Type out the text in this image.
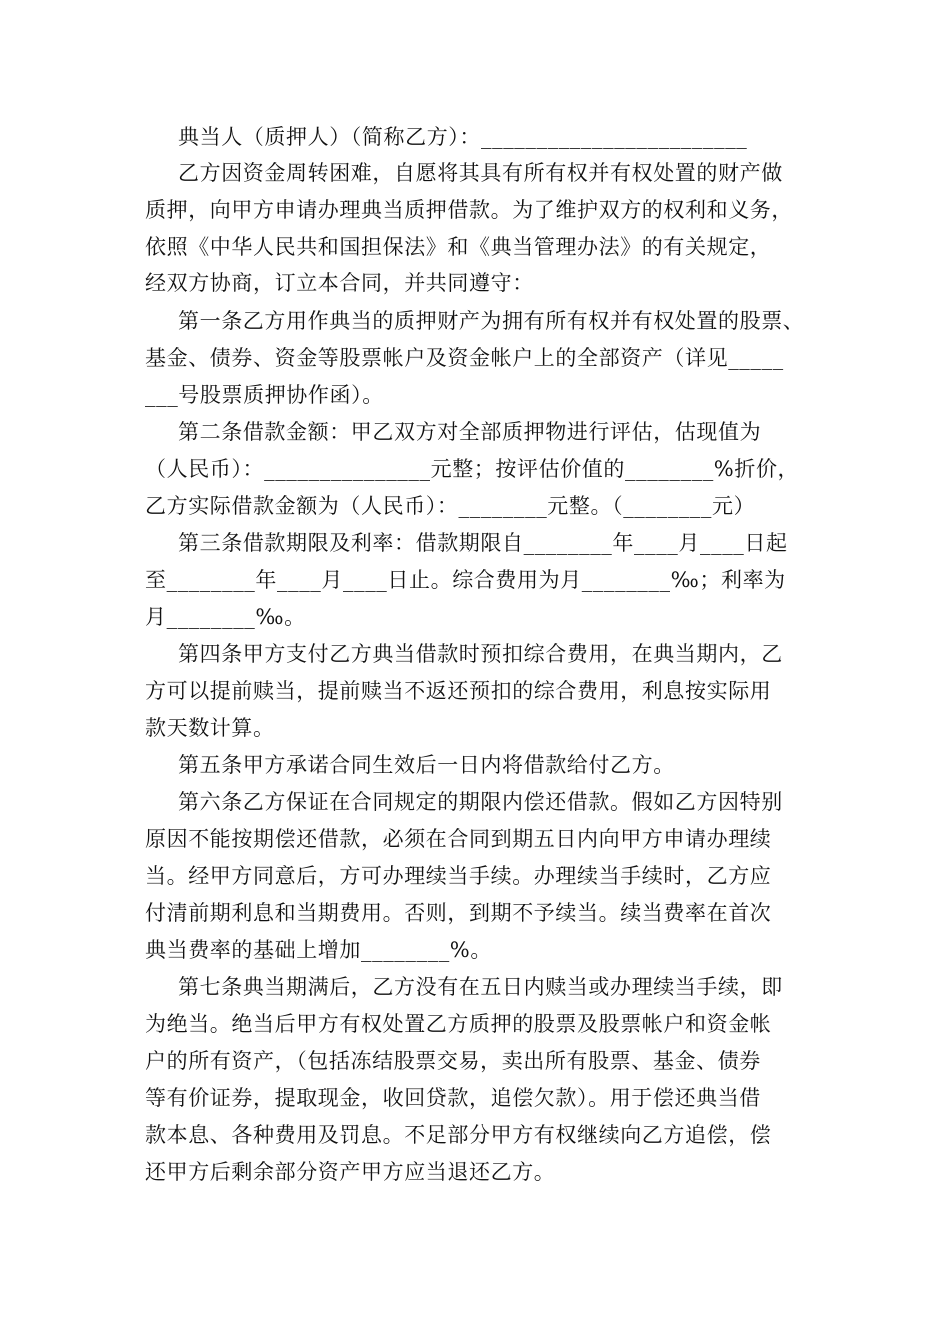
典当人（质押人）（简称乙方）：________________________
乙方因资金周转困难，自愿将其具有所有权并有权处置的财产做
质押，向甲方申请办理典当质押借款。为了维护双方的权利和义务，
依照《中华人民共和国担保法》和《典当管理办法》的有关规定，
经双方协商，订立本合同，并共同遵守：
第一条乙方用作典当的质押财产为拥有所有权并有权处置的股票、
基金、债券、资金等股票帐户及资金帐户上的全部资产（详见_____
___号股票质押协作函）。
第二条借款金额：甲乙双方对全部质押物进行评估，估现值为
（人民币）：_______________元整；按评估价值的________%折价，
乙方实际借款金额为（人民币）：________元整。（________元）
第三条借款期限及利率：借款期限自________年____月____日起
至________年____月____日止。综合费用为月________‰；利率为
月________‰。
第四条甲方支付乙方典当借款时预扣综合费用，在典当期内，乙
方可以提前赎当，提前赎当不返还预扣的综合费用，利息按实际用
款天数计算。
第五条甲方承诺合同生效后一日内将借款给付乙方。
第六条乙方保证在合同规定的期限内偿还借款。假如乙方因特别
原因不能按期偿还借款，必须在合同到期五日内向甲方申请办理续
当。经甲方同意后，方可办理续当手续。办理续当手续时，乙方应
付清前期利息和当期费用。否则，到期不予续当。续当费率在首次
典当费率的基础上增加________%。
第七条典当期满后，乙方没有在五日内赎当或办理续当手续，即
为绝当。绝当后甲方有权处置乙方质押的股票及股票帐户和资金帐
户的所有资产，（包括冻结股票交易，卖出所有股票、基金、债券
等有价证券，提取现金，收回贷款，追偿欠款）。用于偿还典当借
款本息、各种费用及罚息。不足部分甲方有权继续向乙方追偿，偿
还甲方后剩余部分资产甲方应当退还乙方。
